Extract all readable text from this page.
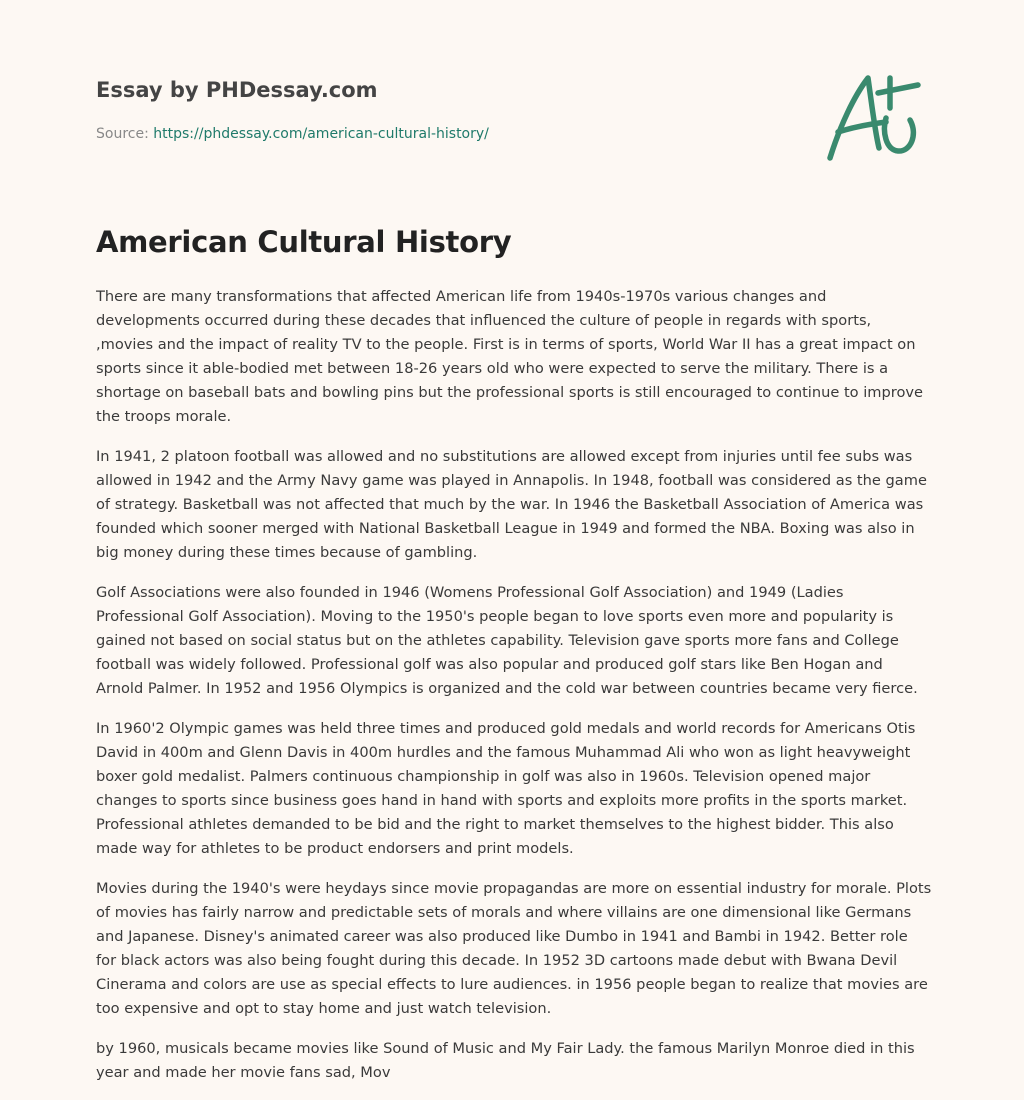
Essay by PHDessay.com
Source: https://phdessay.com/american-cultural-history/
American Cultural History

There are many transformations that affected American life from 1940s-1970s various changes and developments occurred during these decades that influenced the culture of people in regards with sports, ,movies and the impact of reality TV to the people. First is in terms of sports, World War II has a great impact on sports since it able-bodied met between 18-26 years old who were expected to serve the military. There is a shortage on baseball bats and bowling pins but the professional sports is still encouraged to continue to improve the troops morale.

In 1941, 2 platoon football was allowed and no substitutions are allowed except from injuries until fee subs was allowed in 1942 and the Army Navy game was played in Annapolis. In 1948, football was considered as the game of strategy. Basketball was not affected that much by the war. In 1946 the Basketball Association of America was founded which sooner merged with National Basketball League in 1949 and formed the NBA. Boxing was also in big money during these times because of gambling.

Golf Associations were also founded in 1946 (Womens Professional Golf Association) and 1949 (Ladies Professional Golf Association). Moving to the 1950's people began to love sports even more and popularity is gained not based on social status but on the athletes capability. Television gave sports more fans and College football was widely followed. Professional golf was also popular and produced golf stars like Ben Hogan and Arnold Palmer. In 1952 and 1956 Olympics is organized and the cold war between countries became very fierce.

In 1960'2 Olympic games was held three times and produced gold medals and world records for Americans Otis David in 400m and Glenn Davis in 400m hurdles and the famous Muhammad Ali who won as light heavyweight boxer gold medalist. Palmers continuous championship in golf was also in 1960s. Television opened major changes to sports since business goes hand in hand with sports and exploits more profits in the sports market. Professional athletes demanded to be bid and the right to market themselves to the highest bidder. This also made way for athletes to be product endorsers and print models.

Movies during the 1940's were heydays since movie propagandas are more on essential industry for morale. Plots of movies has fairly narrow and predictable sets of morals and where villains are one dimensional like Germans and Japanese. Disney's animated career was also produced like Dumbo in 1941 and Bambi in 1942. Better role for black actors was also being fought during this decade. In 1952 3D cartoons made debut with Bwana Devil Cinerama and colors are use as special effects to lure audiences. in 1956 people began to realize that movies are too expensive and opt to stay home and just watch television.

by 1960, musicals became movies like Sound of Music and My Fair Lady. the famous Marilyn Monroe died in this year and made her movie fans sad, Mov
